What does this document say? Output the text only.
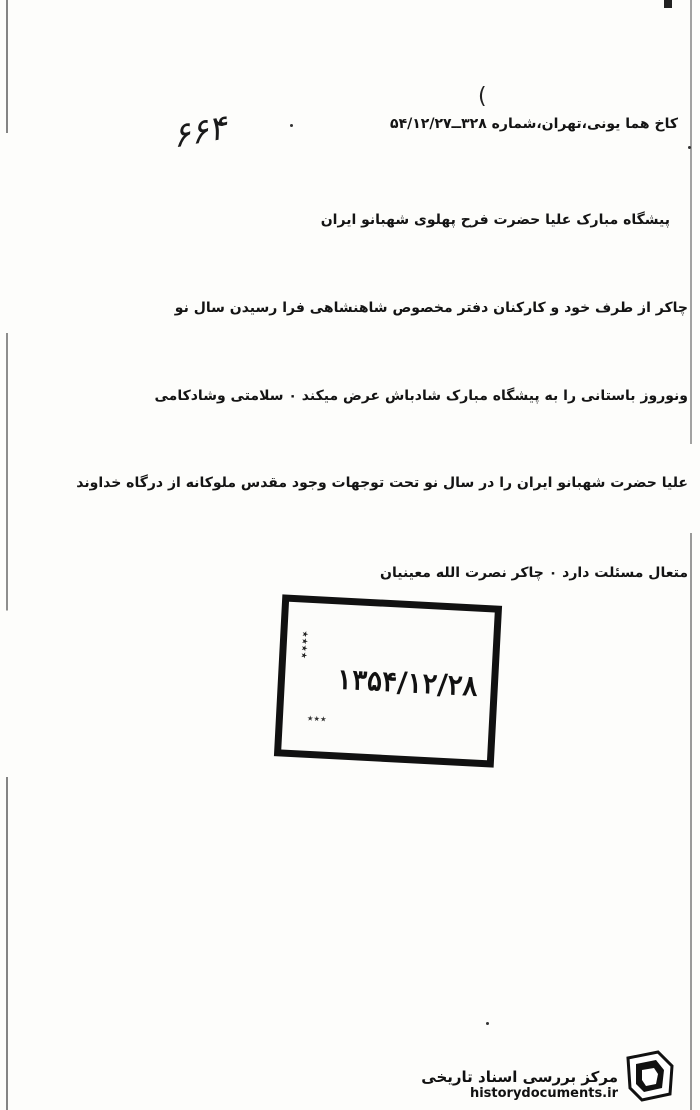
(
۶۶۴	کاخ هما یونی،تهران،شماره ۳۲۸ــ۵۴/۱۲/۲۷
پیشگاه مبارک علیا حضرت فرح پهلوی شهبانو ایران
چاکر از طرف خود و کارکنان دفتر مخصوص شاهنشاهی فرا رسیدن سال نو
ونوروز باستانی را به پیشگاه مبارک شادباش عرض میکند ۰ سلامتی وشادکامی
علیا حضرت شهبانو ایران را در سال نو تحت توجهات وجود مقدس ملوکانه از درگاه خداوند
متعال مسئلت دارد ۰ چاکر نصرت الله معینیان
٭٭٭٭
۱۳۵۴/۱۲/۲۸
٭٭٭
مرکز بررسی اسناد تاریخی
historydocuments.ir
